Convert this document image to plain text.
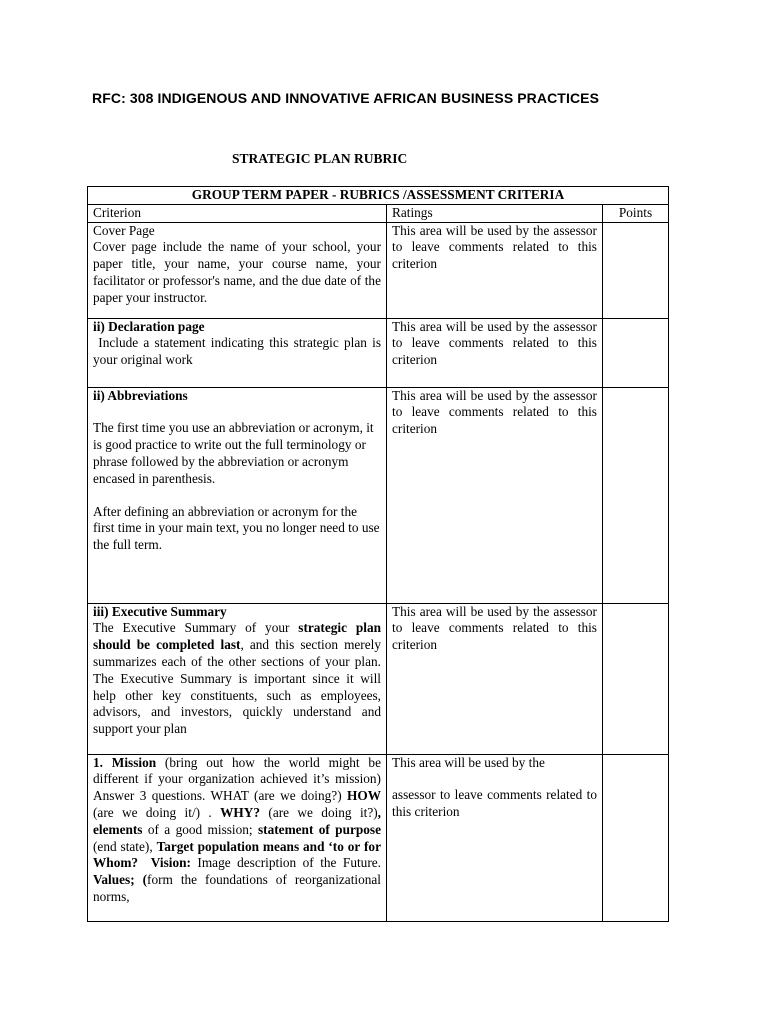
RFC: 308 INDIGENOUS AND INNOVATIVE AFRICAN BUSINESS PRACTICES
STRATEGIC PLAN RUBRIC
GROUP TERM PAPER - RUBRICS /ASSESSMENT CRITERIA		
Criterion	Ratings	Points

Cover Page

Cover page include the name of your school, your paper title, your name, your course name, your facilitator or professor's name, and the due date of the paper your instructor.	This area will be used by the assessor to leave comments related to this criterion	

ii) Declaration page

Include a statement indicating this strategic plan is your original work	This area will be used by the assessor to leave comments related to this criterion	

ii) Abbreviations

The first time you use an abbreviation or acronym, it is good practice to write out the full terminology or phrase followed by the abbreviation or acronym encased in parenthesis.

After defining an abbreviation or acronym for the first time in your main text, you no longer need to use the full term.	This area will be used by the assessor to leave comments related to this criterion	

iii) Executive Summary

The Executive Summary of your strategic plan should be completed last, and this section merely summarizes each of the other sections of your plan. The Executive Summary is important since it will help other key constituents, such as employees, advisors, and investors, quickly understand and support your plan	This area will be used by the assessor to leave comments related to this criterion	

1. Mission (bring out how the world might be different if your organization achieved it’s mission) Answer 3 questions. WHAT (are we doing?) HOW (are we doing it/) . WHY? (are we doing it?), elements of a good mission; statement of purpose (end state), Target population means and ‘to or for Whom?  Vision: Image description of the Future. Values; (form the foundations of reorganizational norms,	This area will be used by the

assessor to leave comments related to this criterion	
